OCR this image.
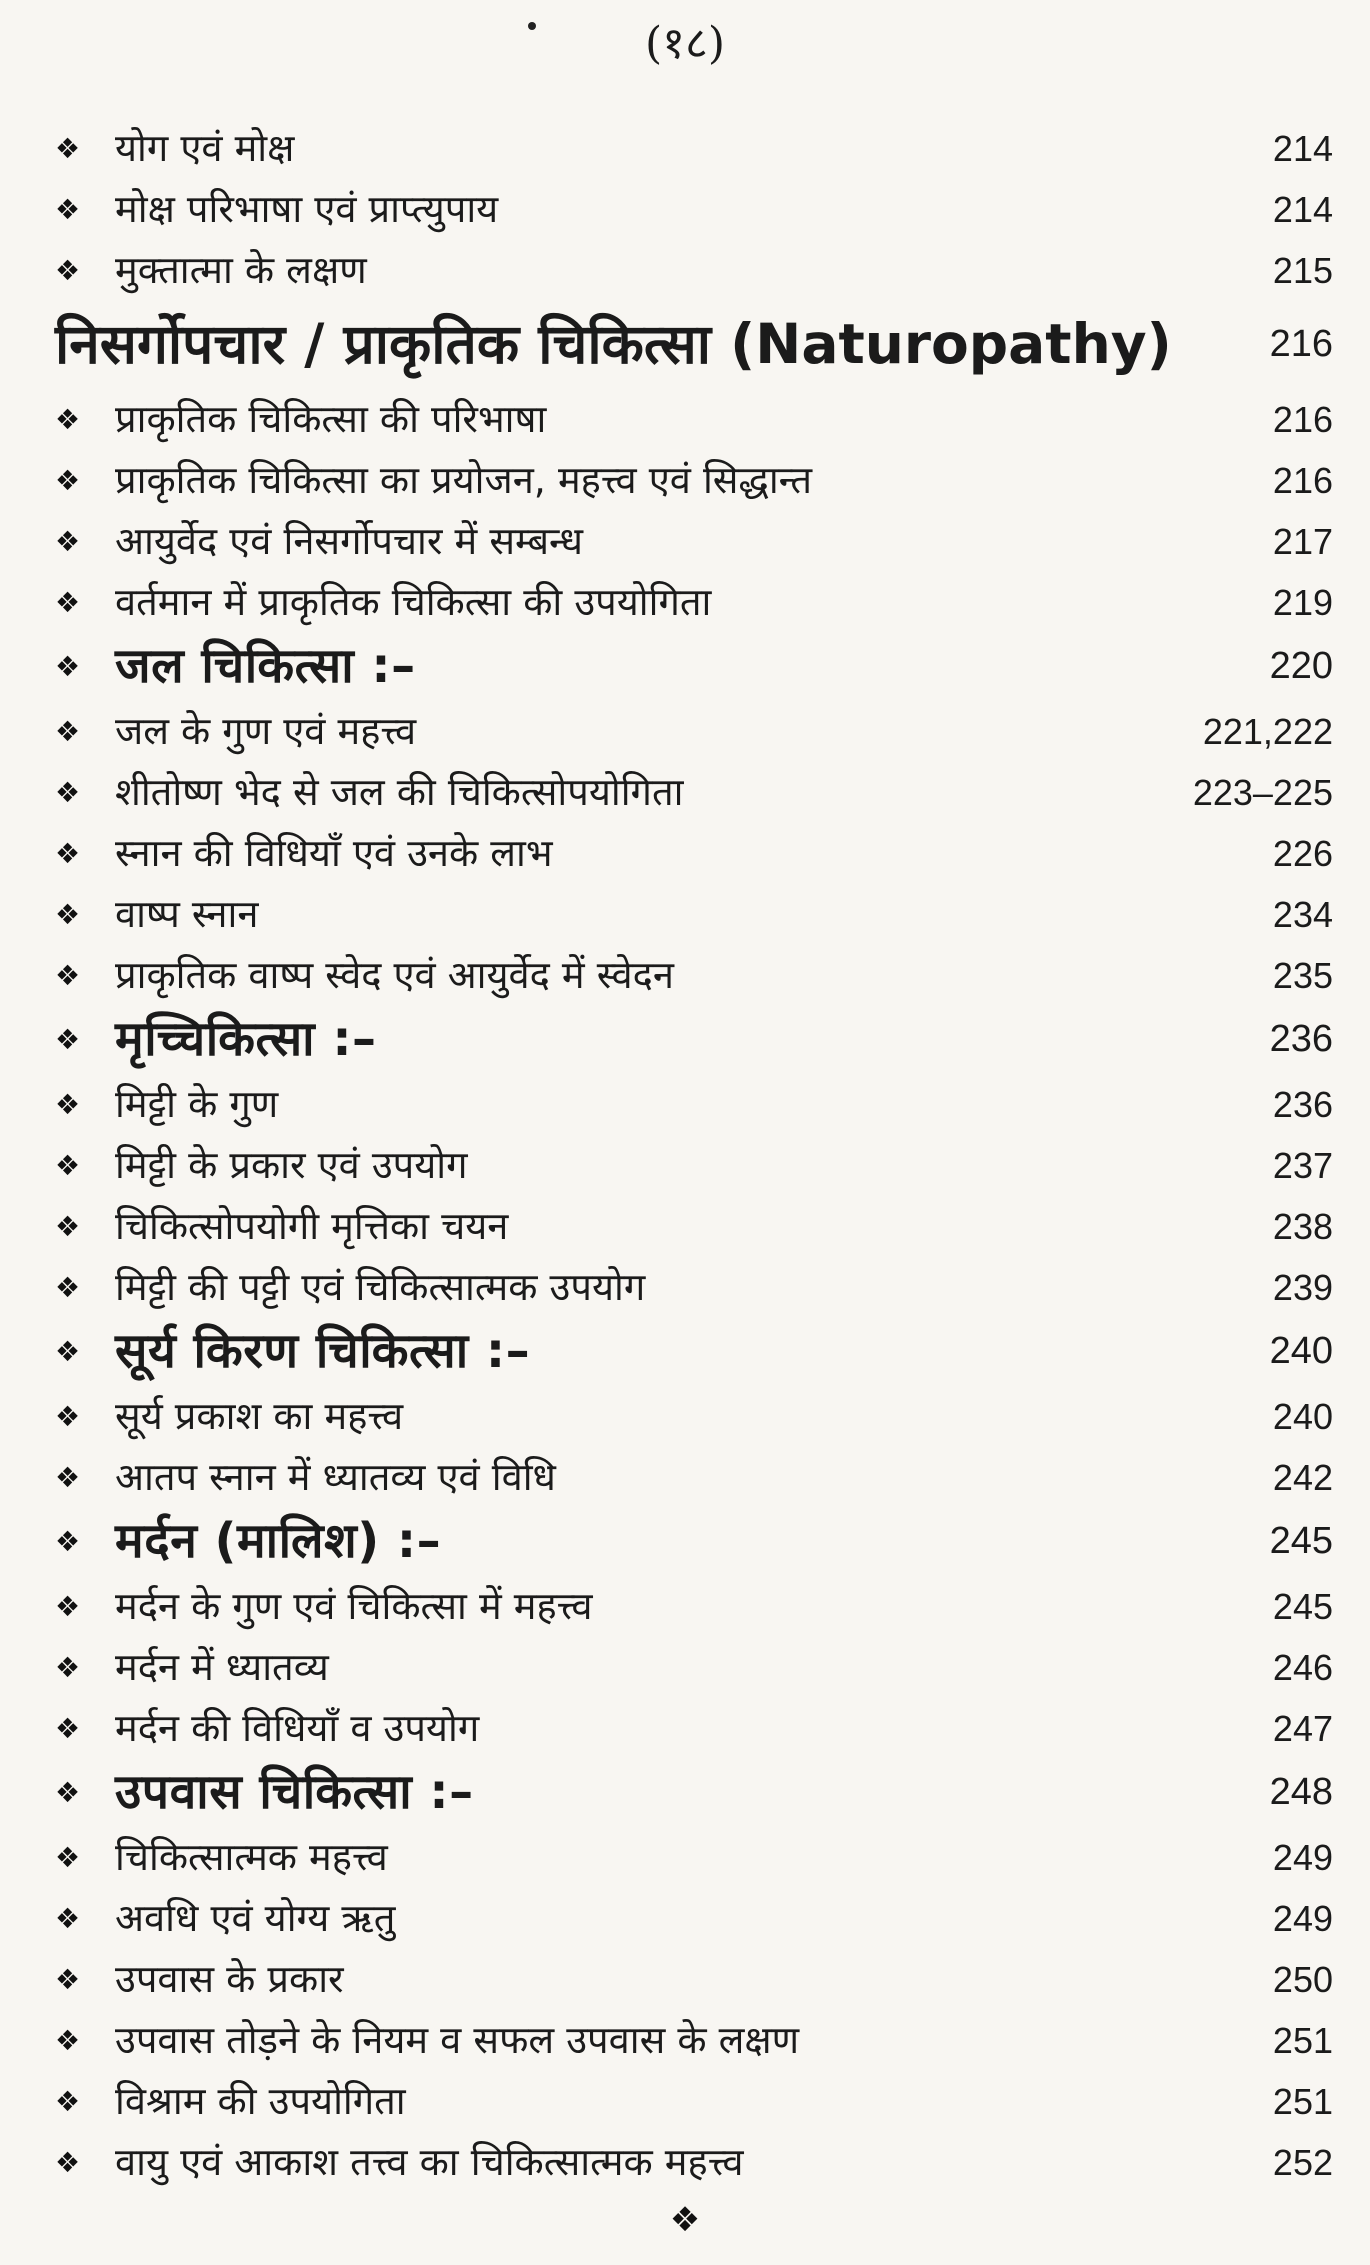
(१८)
❖ योग एवं मोक्ष	214
❖ मोक्ष परिभाषा एवं प्राप्त्युपाय	214
❖ मुक्तात्मा के लक्षण	215
निसर्गोपचार / प्राकृतिक चिकित्सा (Naturopathy)	216
❖ प्राकृतिक चिकित्सा की परिभाषा	216
❖ प्राकृतिक चिकित्सा का प्रयोजन, महत्त्व एवं सिद्धान्त	216
❖ आयुर्वेद एवं निसर्गोपचार में सम्बन्ध	217
❖ वर्तमान में प्राकृतिक चिकित्सा की उपयोगिता	219
❖ जल चिकित्सा :–	220
❖ जल के गुण एवं महत्त्व	221,222
❖ शीतोष्ण भेद से जल की चिकित्सोपयोगिता	223–225
❖ स्नान की विधियाँ एवं उनके लाभ	226
❖ वाष्प स्नान	234
❖ प्राकृतिक वाष्प स्वेद एवं आयुर्वेद में स्वेदन	235
❖ मृच्चिकित्सा :–	236
❖ मिट्टी के गुण	236
❖ मिट्टी के प्रकार एवं उपयोग	237
❖ चिकित्सोपयोगी मृत्तिका चयन	238
❖ मिट्टी की पट्टी एवं चिकित्सात्मक उपयोग	239
❖ सूर्य किरण चिकित्सा :–	240
❖ सूर्य प्रकाश का महत्त्व	240
❖ आतप स्नान में ध्यातव्य एवं विधि	242
❖ मर्दन (मालिश) :–	245
❖ मर्दन के गुण एवं चिकित्सा में महत्त्व	245
❖ मर्दन में ध्यातव्य	246
❖ मर्दन की विधियाँ व उपयोग	247
❖ उपवास चिकित्सा :–	248
❖ चिकित्सात्मक महत्त्व	249
❖ अवधि एवं योग्य ऋतु	249
❖ उपवास के प्रकार	250
❖ उपवास तोड़ने के नियम व सफल उपवास के लक्षण	251
❖ विश्राम की उपयोगिता	251
❖ वायु एवं आकाश तत्त्व का चिकित्सात्मक महत्त्व	252
❖
